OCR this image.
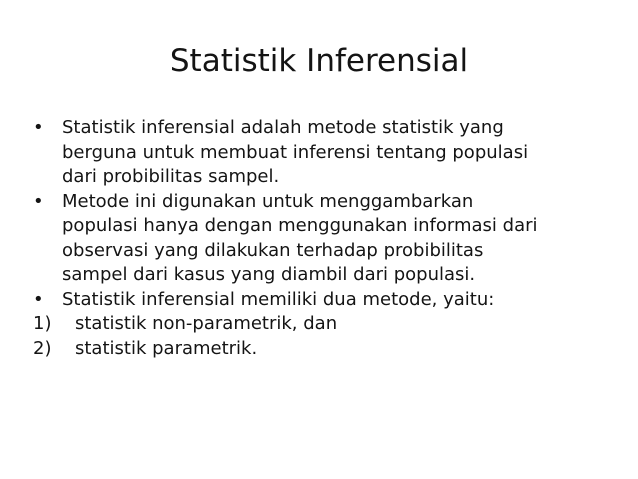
Statistik Inferensial
• Statistik inferensial adalah metode statistik yang
berguna untuk membuat inferensi tentang populasi
dari probibilitas sampel.
• Metode ini digunakan untuk menggambarkan
populasi hanya dengan menggunakan informasi dari
observasi yang dilakukan terhadap probibilitas
sampel dari kasus yang diambil dari populasi.
• Statistik inferensial memiliki dua metode, yaitu:
1) statistik non-parametrik, dan
2) statistik parametrik.
